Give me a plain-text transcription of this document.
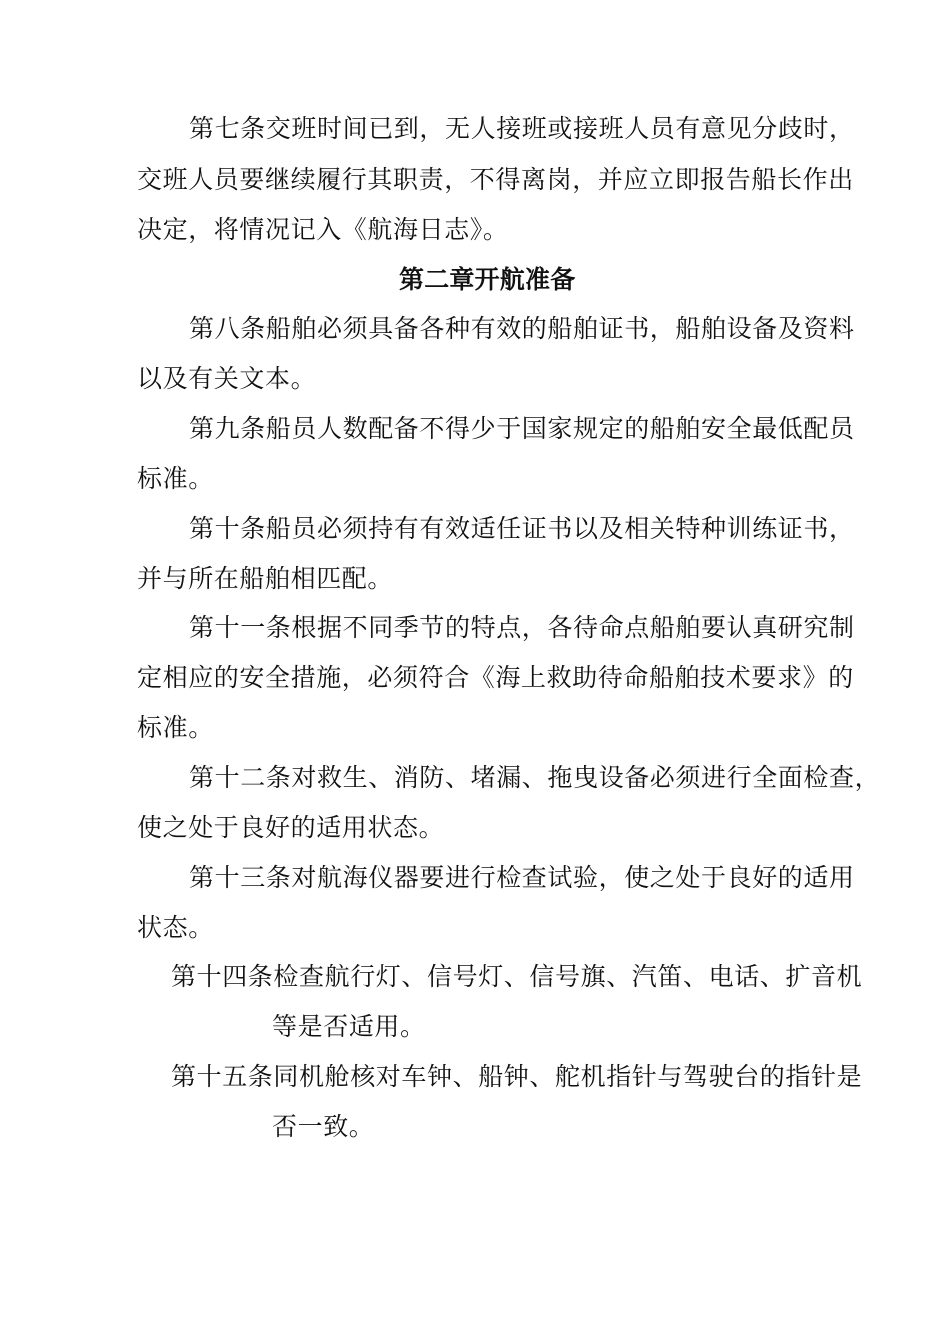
第七条交班时间已到，无人接班或接班人员有意见分歧时，
交班人员要继续履行其职责，不得离岗，并应立即报告船长作出
决定，将情况记入《航海日志》。
第二章开航准备
第八条船舶必须具备各种有效的船舶证书，船舶设备及资料
以及有关文本。
第九条船员人数配备不得少于国家规定的船舶安全最低配员
标准。
第十条船员必须持有有效适任证书以及相关特种训练证书，
并与所在船舶相匹配。
第十一条根据不同季节的特点，各待命点船舶要认真研究制
定相应的安全措施，必须符合《海上救助待命船舶技术要求》的
标准。
第十二条对救生、消防、堵漏、拖曳设备必须进行全面检查，
使之处于良好的适用状态。
第十三条对航海仪器要进行检查试验，使之处于良好的适用
状态。
第十四条检查航行灯、信号灯、信号旗、汽笛、电话、扩音机
等是否适用。
第十五条同机舱核对车钟、船钟、舵机指针与驾驶台的指针是
否一致。
